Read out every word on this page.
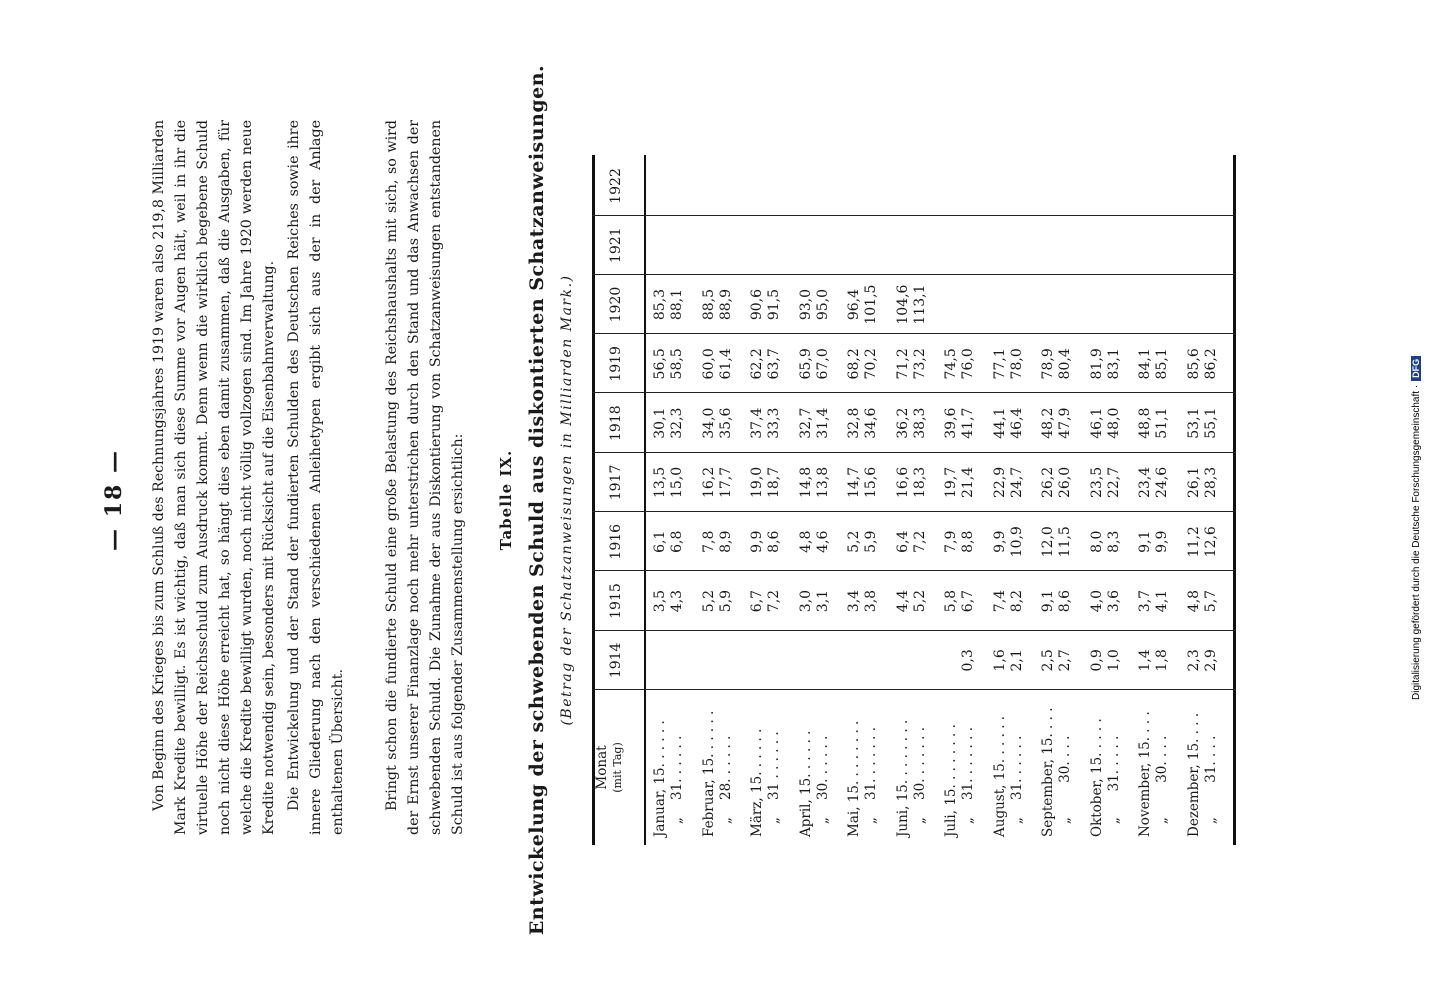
— 18 — Von Beginn des Krieges bis zum Schluß des Rechnungsjahres 1919 waren also 219,8 Milliarden Mark Kredite bewilligt. Es ist wichtig, daß man sich diese Summe vor Augen hält, weil in ihr die virtuelle Höhe der Reichsschuld zum Ausdruck kommt. Denn wenn die wirklich begebene Schuld noch nicht diese Höhe erreicht hat, so hängt dies eben damit zusammen, daß die Ausgaben, für welche die Kredite bewilligt wurden, noch nicht völlig vollzogen sind. Im Jahre 1920 werden neue Kredite notwendig sein, besonders mit Rücksicht auf die Eisenbahnverwaltung. Die Entwickelung und der Stand der fundierten Schulden des Deutschen Reiches sowie ihre innere Gliederung nach den verschiedenen Anleihetypen ergibt sich aus der in der Anlage enthaltenen Übersicht.	Bringt schon die fundierte Schuld eine große Belastung des Reichshaushalts mit sich, so wird der Ernst unserer Finanzlage noch mehr unterstrichen durch den Stand und das Anwachsen der schwebenden Schuld. Die Zunahme der aus Diskontierung von Schatzanweisungen entstandenen Schuld ist aus folgender Zusammenstellung ersichtlich: Tabelle IX. Entwickelung der schwebenden Schuld aus diskontierten Schatzanweisungen. (Betrag der Schatzanweisungen in Milliarden Mark.)
Monat (mit Tag)
1914
1915
1916
1917
1918
1919
1920
1921
1922
Januar, 15. . . . . .
„    31. . . . . .
3,5 4,3
6,1 6,8
13,5 15,0
30,1 32,3
56,5 58,5
85,3 88,1
Februar, 15. . . . . .
„    28. . . . . .
5,2 5,9
7,8 8,9
16,2 17,7
34,0 35,6
60,0 61,4
88,5 88,9
März, 15. . . . . .
„    31 . . . . . .
6,7 7,2
9,9 8,6
19,0 18,7
37,4 33,3
62,2 63,7
90,6 91,5
April, 15. . . . . .
„    30. . . . . .
3,0 3,1
4,8 4,6
14,8 13,8
32,7 31,4
65,9 67,0
93,0 95,0
Mai, 15. . . . . . . .
„    31. . . . . . .
3,4 3,8
5,2 5,9
14,7 15,6
32,8 34,6
68,2 70,2
96,4 101,5
Juni, 15. . . . . . . .
„    30. . . . . . .
4,4 5,2
6,4 7,2
16,6 18,3
36,2 38,3
71,2 73,2
104,6 113,1
Juli, 15. . . . . . . .
„    31. . . . . . .
0,3
5,8 6,7
7,9 8,8
19,7 21,4
39,6 41,7
74,5 76,0
August, 15. . . . . .
„    31. . . . . .
1,6 2,1
7,4 8,2
9,9 10,9
22,9 24,7
44,1 46,4
77,1 78,0
September, 15. . . .
„        30. . . .
2,5 2,7
9,1 8,6
12,0 11,5
26,2 26,0
48,2 47,9
78,9 80,4
Oktober, 15. . . . .
„      31. . . . .
0,9 1,0
4,0 3,6
8,0 8,3
23,5 22,7
46,1 48,0
81,9 83,1
November, 15. . . .
„        30. . . .
1,4 1,8
3,7 4,1
9,1 9,9
23,4 24,6
48,8 51,1
84,1 85,1
Dezember, 15. . . .
„        31. . . .
2,3 2,9
4,8 5,7
11,2 12,6
26,1 28,3
53,1 55,1
85,6 86,2
Digitalisierung gefördert durch die Deutsche Forschungsgemeinschaft ·DFG
